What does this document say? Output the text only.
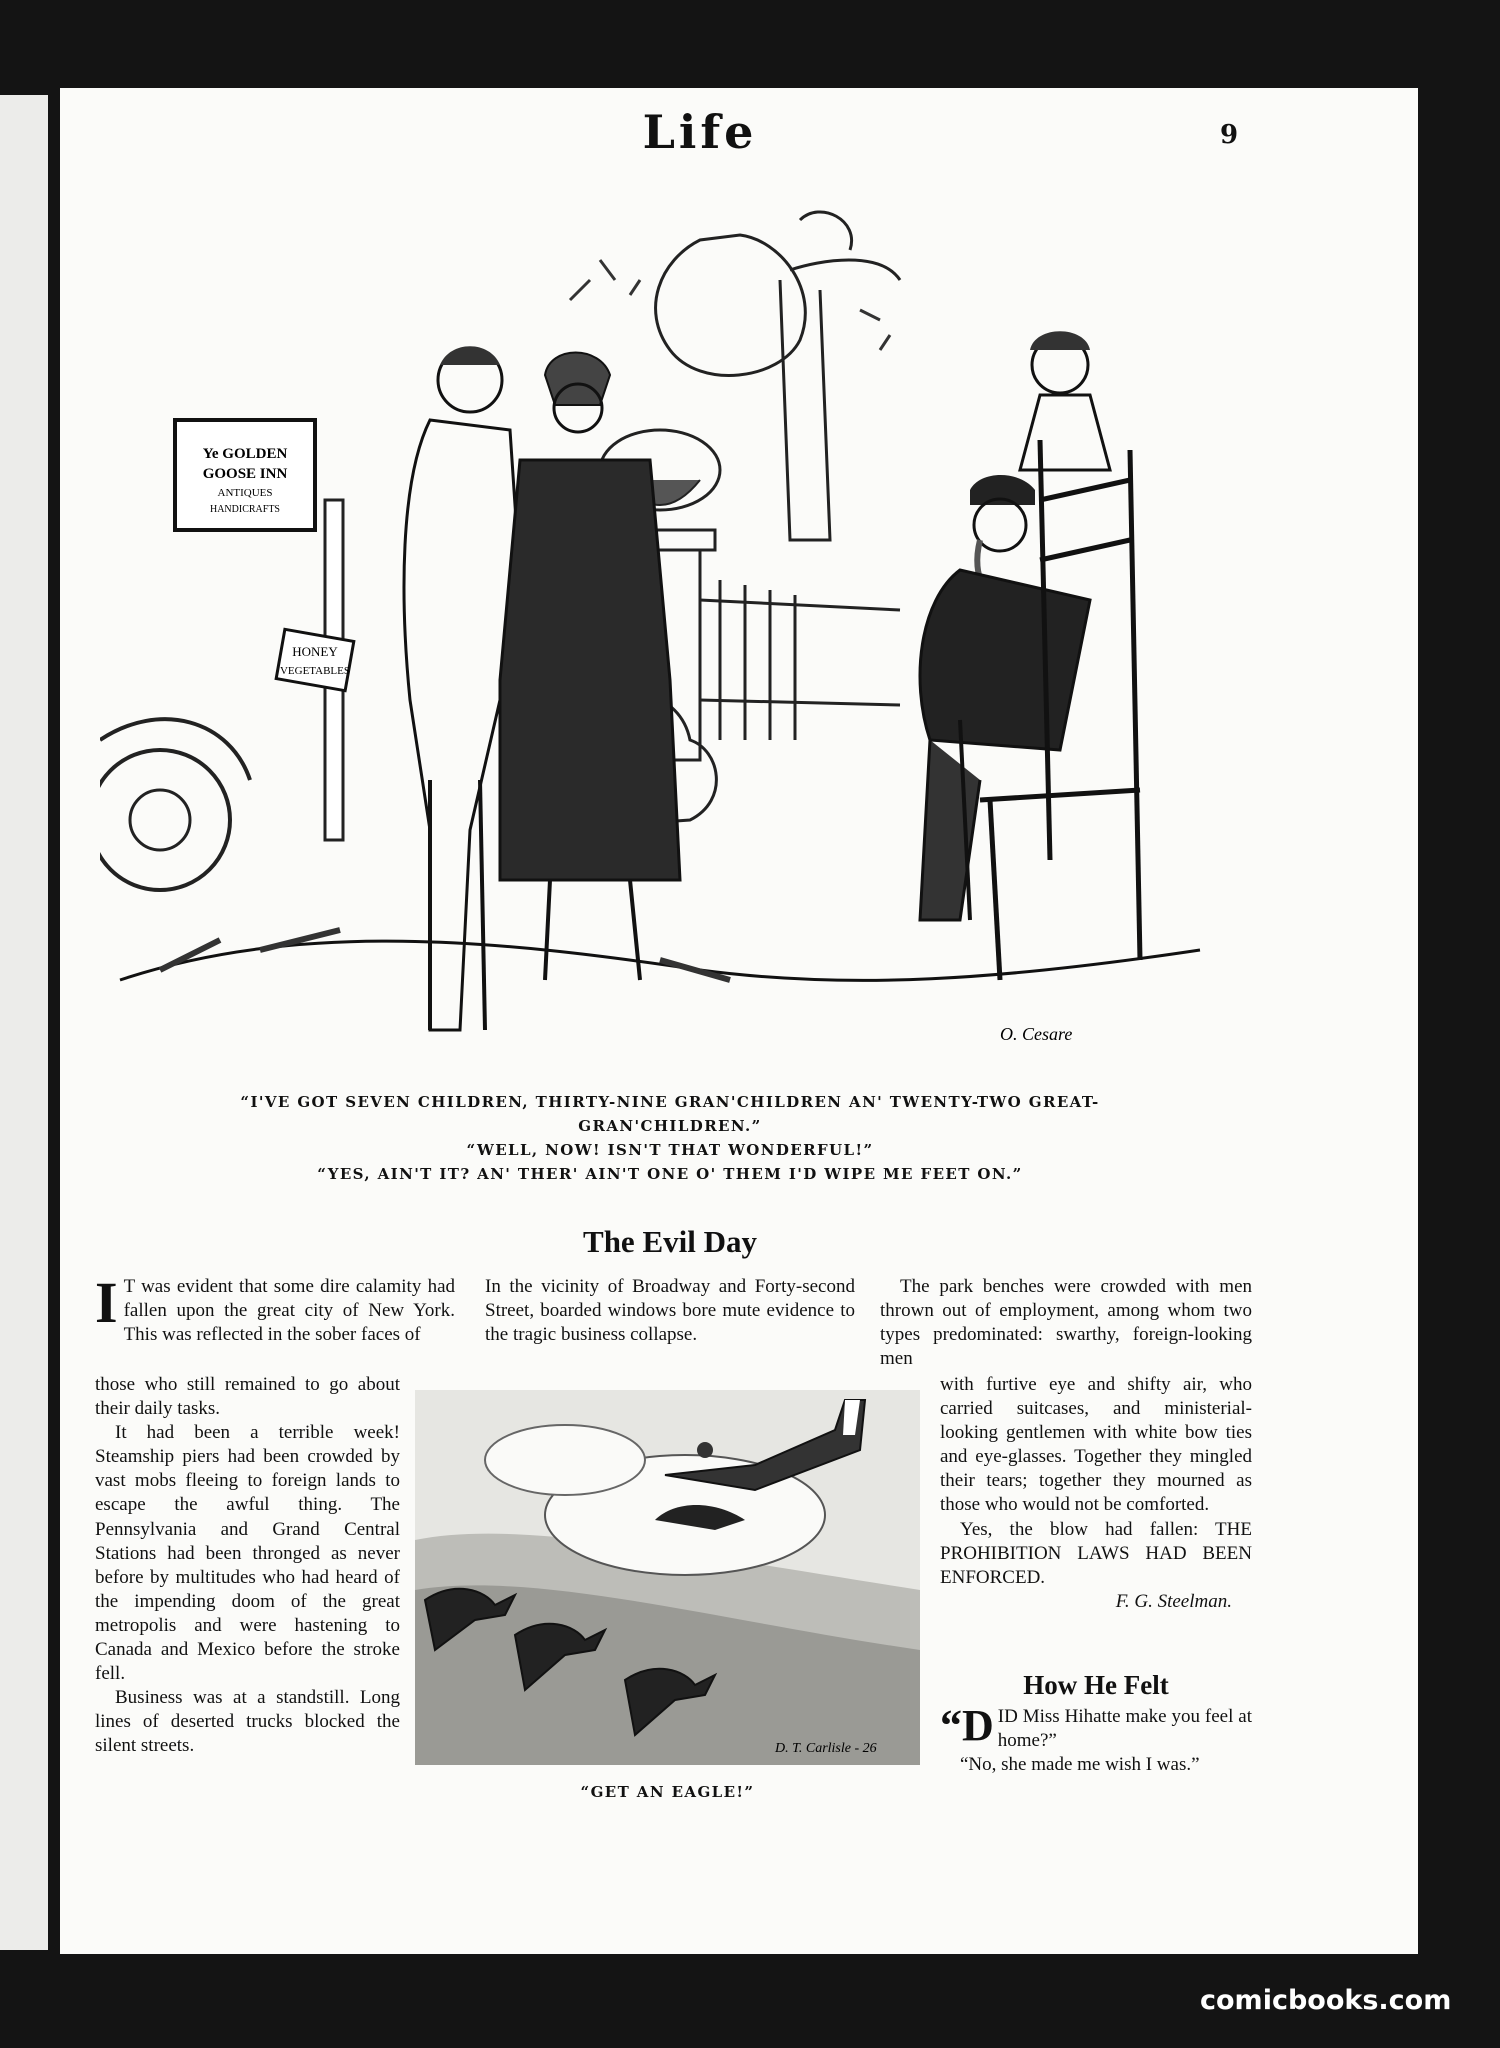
Life	9
Ye GOLDEN
GOOSE INN
ANTIQUES
HANDICRAFTS
HONEY
VEGETABLES
O. Cesare

“I'VE GOT SEVEN CHILDREN, THIRTY-NINE GRAN'CHILDREN AN' TWENTY-TWO GREAT-

GRAN'CHILDREN.”

“WELL, NOW! ISN'T THAT WONDERFUL!”

“YES, AIN'T IT? AN' THER' AIN'T ONE O' THEM I'D WIPE ME FEET ON.”

The Evil Day

I T was evident that some dire calamity had fallen upon the great city of New York. This was reflected in the sober faces of

those who still remained to go about their daily tasks.

It had been a terrible week! Steamship piers had been crowded by vast mobs fleeing to foreign lands to escape the awful thing. The Pennsylvania and Grand Central Stations had been thronged as never before by multitudes who had heard of the impending doom of the great metropolis and were hastening to Canada and Mexico before the stroke fell.

Business was at a standstill. Long lines of deserted trucks blocked the silent streets.

In the vicinity of Broadway and Forty-second Street, boarded windows bore mute evidence to the tragic business collapse.

The park benches were crowded with men thrown out of employment, among whom two types predominated: swarthy, foreign-looking men

with furtive eye and shifty air, who carried suitcases, and ministerial-looking gentlemen with white bow ties and eye-glasses. Together they mingled their tears; together they mourned as those who would not be comforted.

Yes, the blow had fallen: THE PROHIBITION LAWS HAD BEEN ENFORCED.

F. G. Steelman.

D. T. Carlisle - 26
“GET AN EAGLE!”
How He Felt

“DID Miss Hihatte make you feel at home?”

“No, she made me wish I was.”

comicbooks.com
